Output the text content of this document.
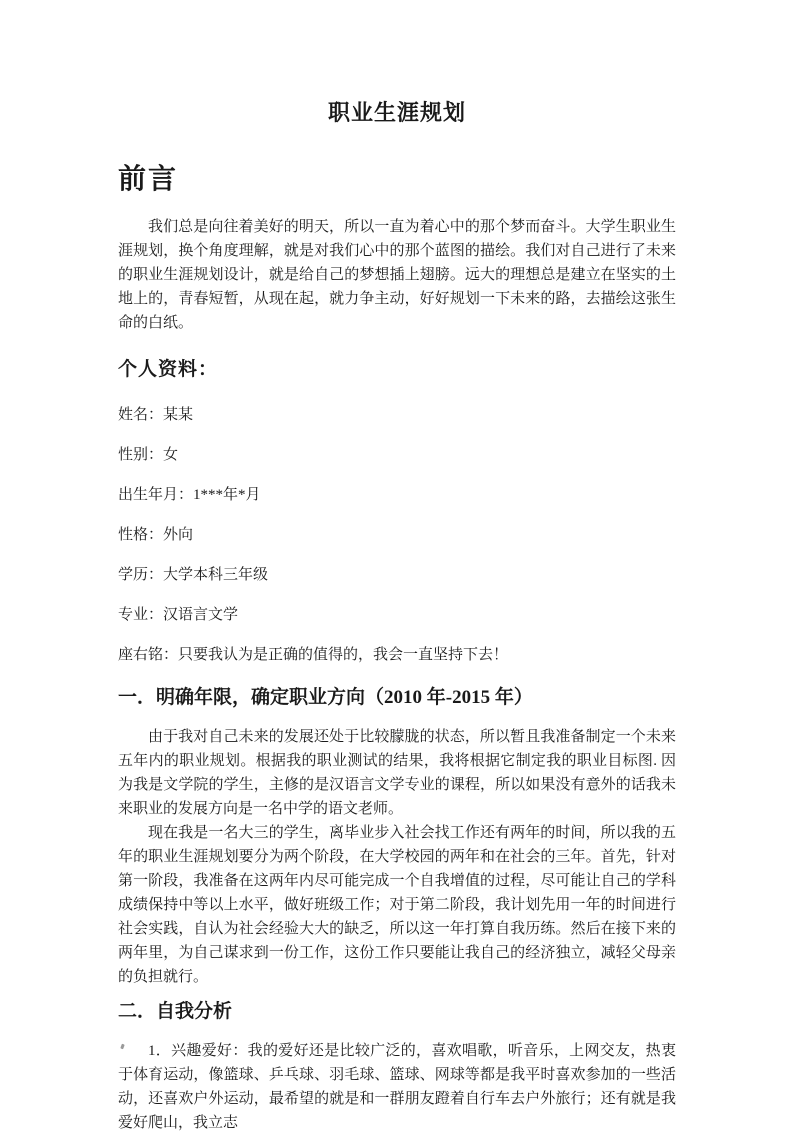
职业生涯规划
前言

我们总是向往着美好的明天，所以一直为着心中的那个梦而奋斗。大学生职业生涯规划，换个角度理解，就是对我们心中的那个蓝图的描绘。我们对自己进行了未来的职业生涯规划设计，就是给自己的梦想插上翅膀。远大的理想总是建立在坚实的土地上的，青春短暂，从现在起，就力争主动，好好规划一下未来的路，去描绘这张生命的白纸。

个人资料：

姓名：某某

性别：女

出生年月：1***年*月

性格：外向

学历：大学本科三年级

专业：汉语言文学

座右铭：只要我认为是正确的值得的，我会一直坚持下去！

一．明确年限，确定职业方向（2010 年-2015 年）

由于我对自己未来的发展还处于比较朦胧的状态，所以暂且我准备制定一个未来五年内的职业规划。根据我的职业测试的结果，我将根据它制定我的职业目标图. 因为我是文学院的学生，主修的是汉语言文学专业的课程，所以如果没有意外的话我未来职业的发展方向是一名中学的语文老师。

现在我是一名大三的学生，离毕业步入社会找工作还有两年的时间，所以我的五年的职业生涯规划要分为两个阶段，在大学校园的两年和在社会的三年。首先，针对第一阶段，我准备在这两年内尽可能完成一个自我增值的过程，尽可能让自己的学科成绩保持中等以上水平，做好班级工作；对于第二阶段，我计划先用一年的时间进行社会实践，自认为社会经验大大的缺乏，所以这一年打算自我历练。然后在接下来的两年里，为自己谋求到一份工作，这份工作只要能让我自己的经济独立，减轻父母亲的负担就行。

二．自我分析

1．兴趣爱好：我的爱好还是比较广泛的，喜欢唱歌，听音乐，上网交友，热衷于体育运动，像篮球、乒乓球、羽毛球、篮球、网球等都是我平时喜欢参加的一些活动，还喜欢户外运动，最希望的就是和一群朋友蹬着自行车去户外旅行；还有就是我爱好爬山，我立志
